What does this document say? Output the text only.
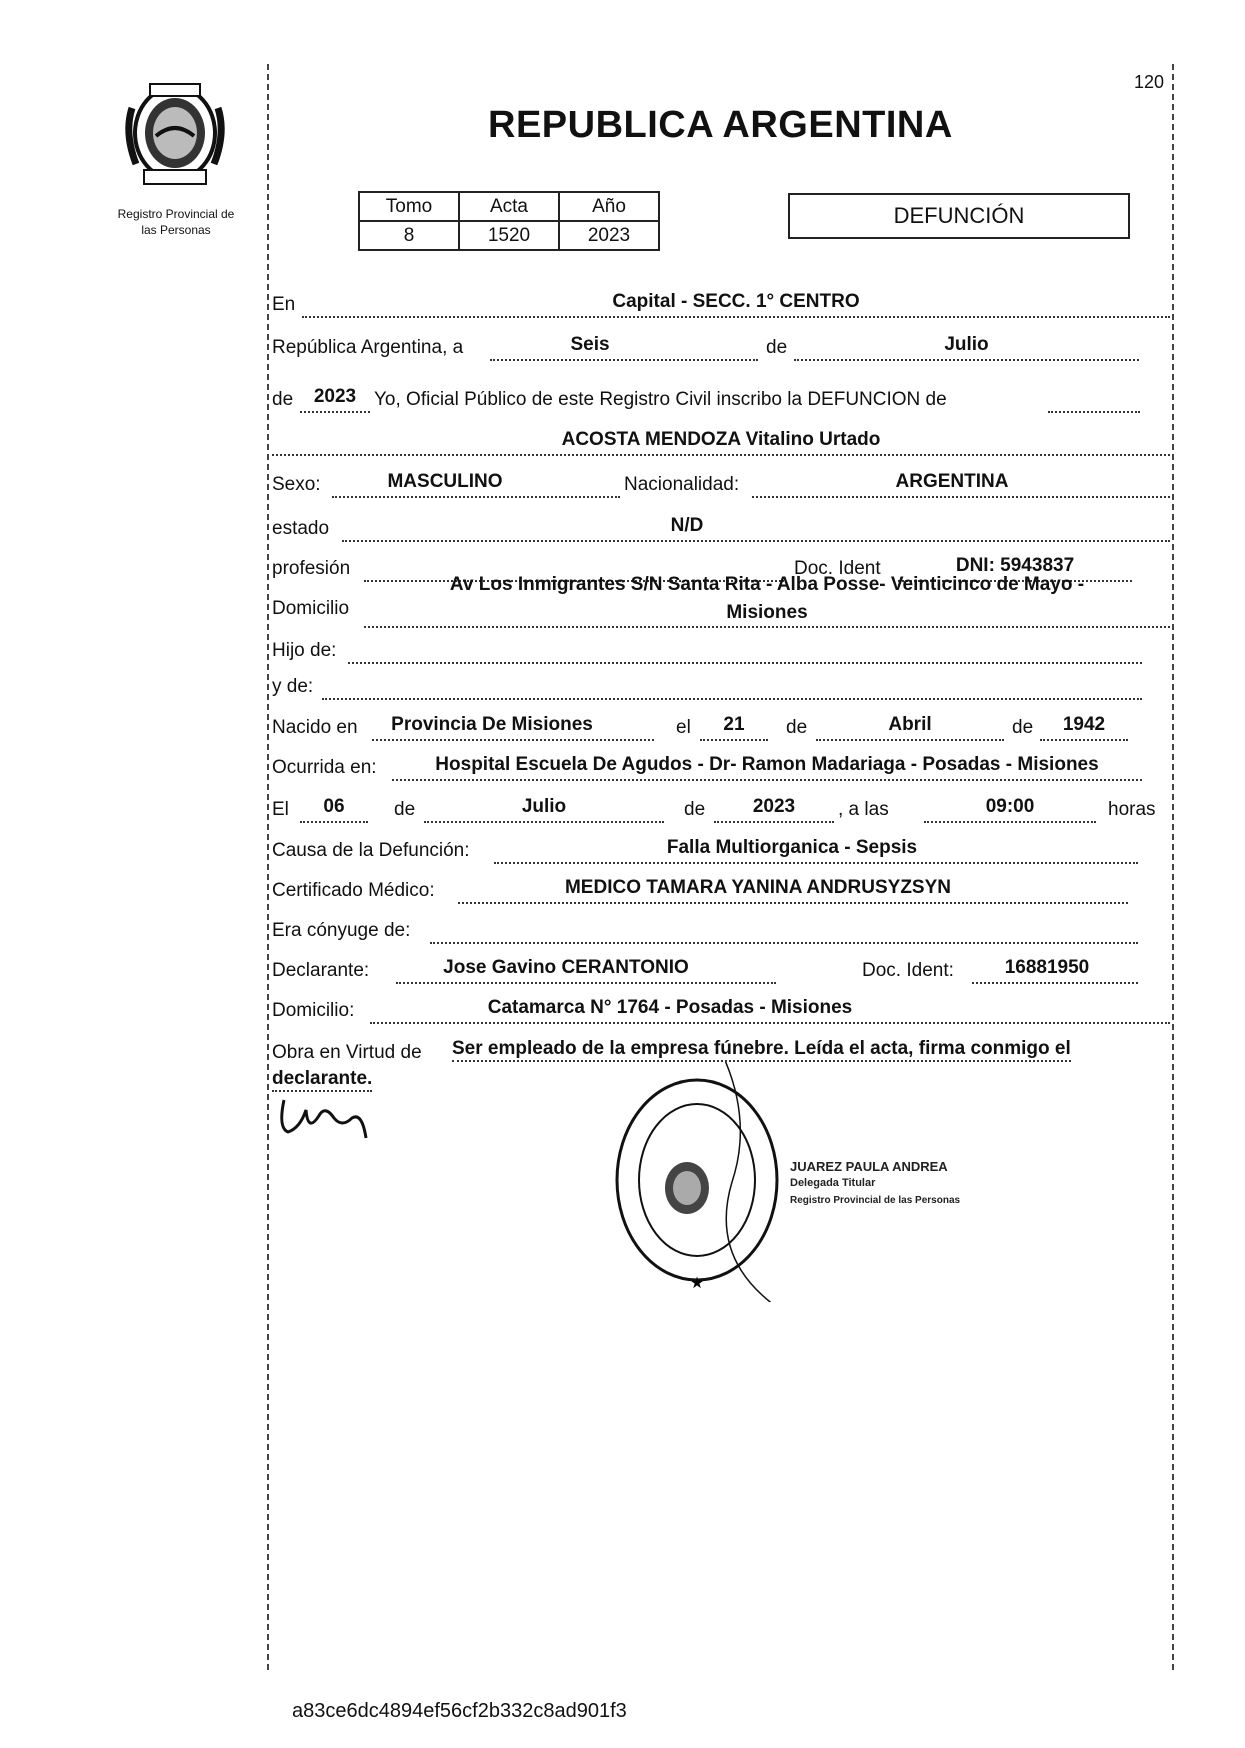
Registro Provincial de
las Personas
120
REPUBLICA ARGENTINA
Tomo	Acta	Año
8	1520	2023
DEFUNCIÓN
En	Capital - SECC. 1° CENTRO
República Argentina, a	Seis	de	Julio
de	2023 Yo, Oficial Público de este Registro Civil inscribo la DEFUNCION de
ACOSTA MENDOZA Vitalino Urtado
Sexo:	MASCULINO	Nacionalidad:	ARGENTINA
estado	N/D
profesión	Doc. Ident	DNI: 5943837
Domicilio
Av Los Inmigrantes S/N Santa Rita - Alba Posse- Veinticinco de Mayo -
Misiones
Hijo de:
y de:
Nacido en	Provincia De Misiones	el	21	de	Abril	de	1942
Ocurrida en:	Hospital Escuela De Agudos - Dr- Ramon Madariaga - Posadas - Misiones
El	06	de	Julio	de	2023	, a las	09:00	horas
Causa de la Defunción:	Falla Multiorganica - Sepsis
Certificado Médico:	MEDICO TAMARA YANINA ANDRUSYZSYN
Era cónyuge de:
Declarante:	Jose Gavino CERANTONIO	Doc. Ident:	16881950
Domicilio:	Catamarca N° 1764 - Posadas - Misiones
Obra en Virtud de Ser empleado de la empresa fúnebre. Leída el acta, firma conmigo el
declarante.
★
JUAREZ PAULA ANDREA
Delegada Titular
Registro Provincial de las Personas
a83ce6dc4894ef56cf2b332c8ad901f3
